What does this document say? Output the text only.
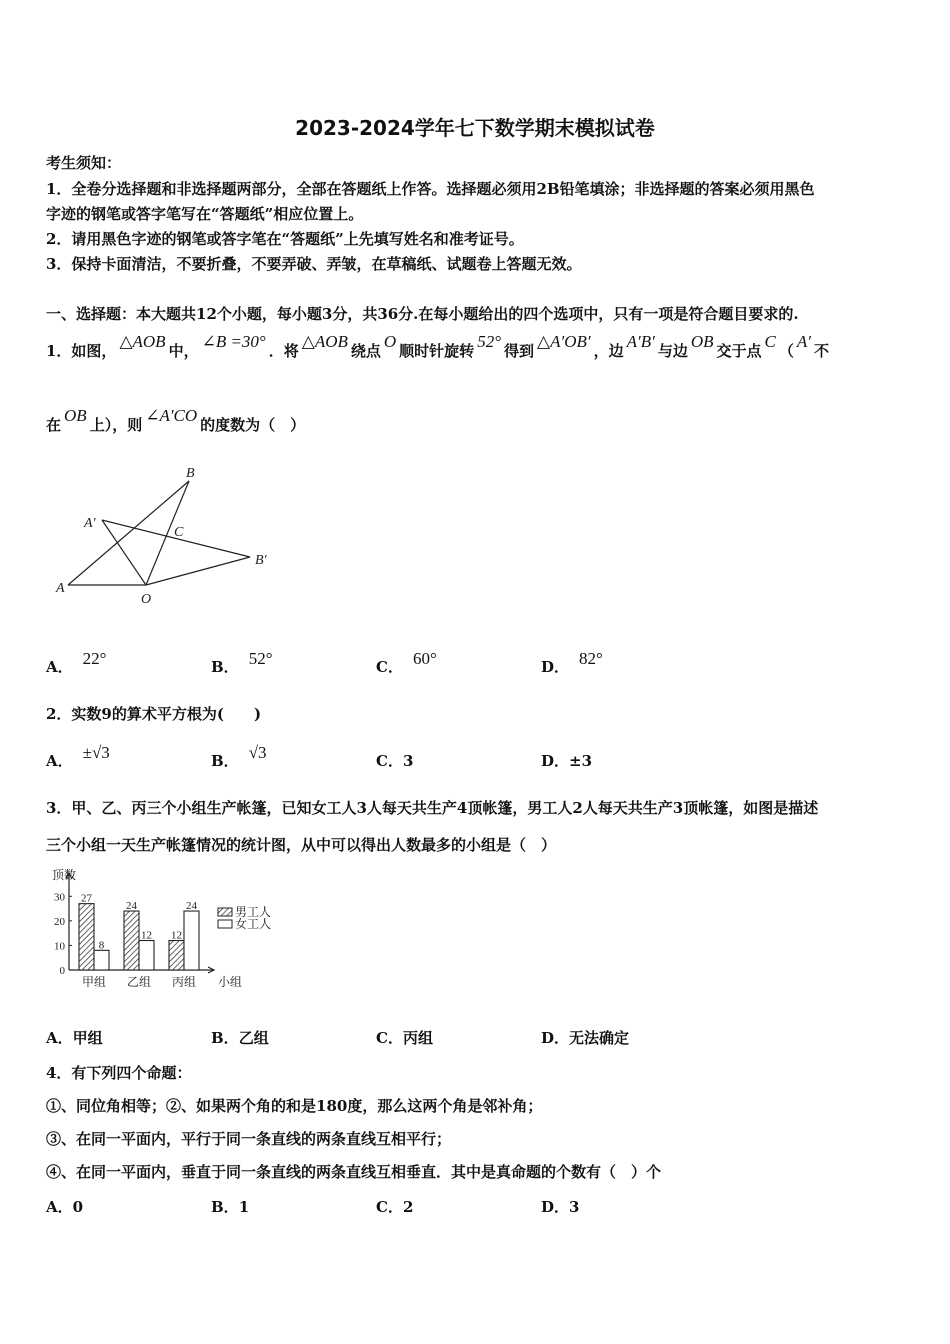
2023-2024学年七下数学期末模拟试卷
考生须知：
1．全卷分选择题和非选择题两部分，全部在答题纸上作答。选择题必须用2B铅笔填涂；非选择题的答案必须用黑色
字迹的钢笔或答字笔写在“答题纸”相应位置上。
2．请用黑色字迹的钢笔或答字笔在“答题纸”上先填写姓名和准考证号。
3．保持卡面清洁，不要折叠，不要弄破、弄皱，在草稿纸、试题卷上答题无效。
一、选择题：本大题共12个小题，每小题3分，共36分.在每小题给出的四个选项中，只有一项是符合题目要求的.
1．如图， △AOB 中， ∠B =30° ．将 △AOB 绕点 O 顺时针旋转 52° 得到 △A′OB′ ，边 A′B′ 与边 OB 交于点 C （ A′ 不
在 OB 上），则 ∠A′CO 的度数为（　）
B
A′
C
B′
A
O
A． 22°	B． 52°	C． 60°	D． 82°
2．实数9的算术平方根为(　　)
A． ±√3	B． √3	C．3	D．±3
3．甲、乙、丙三个小组生产帐篷，已知女工人3人每天共生产4顶帐篷，男工人2人每天共生产3顶帐篷，如图是描述
三个小组一天生产帐篷情况的统计图，从中可以得出人数最多的小组是（　）
顶数
小组
0
10
20
30 27
8
甲组
24
12
乙组
12
24
丙组
男工人
女工人
A．甲组	B．乙组	C．丙组	D．无法确定
4．有下列四个命题：
①、同位角相等；②、如果两个角的和是180度，那么这两个角是邻补角；
③、在同一平面内，平行于同一条直线的两条直线互相平行；
④、在同一平面内，垂直于同一条直线的两条直线互相垂直．其中是真命题的个数有（　）个
A．0	B．1	C．2	D．3
